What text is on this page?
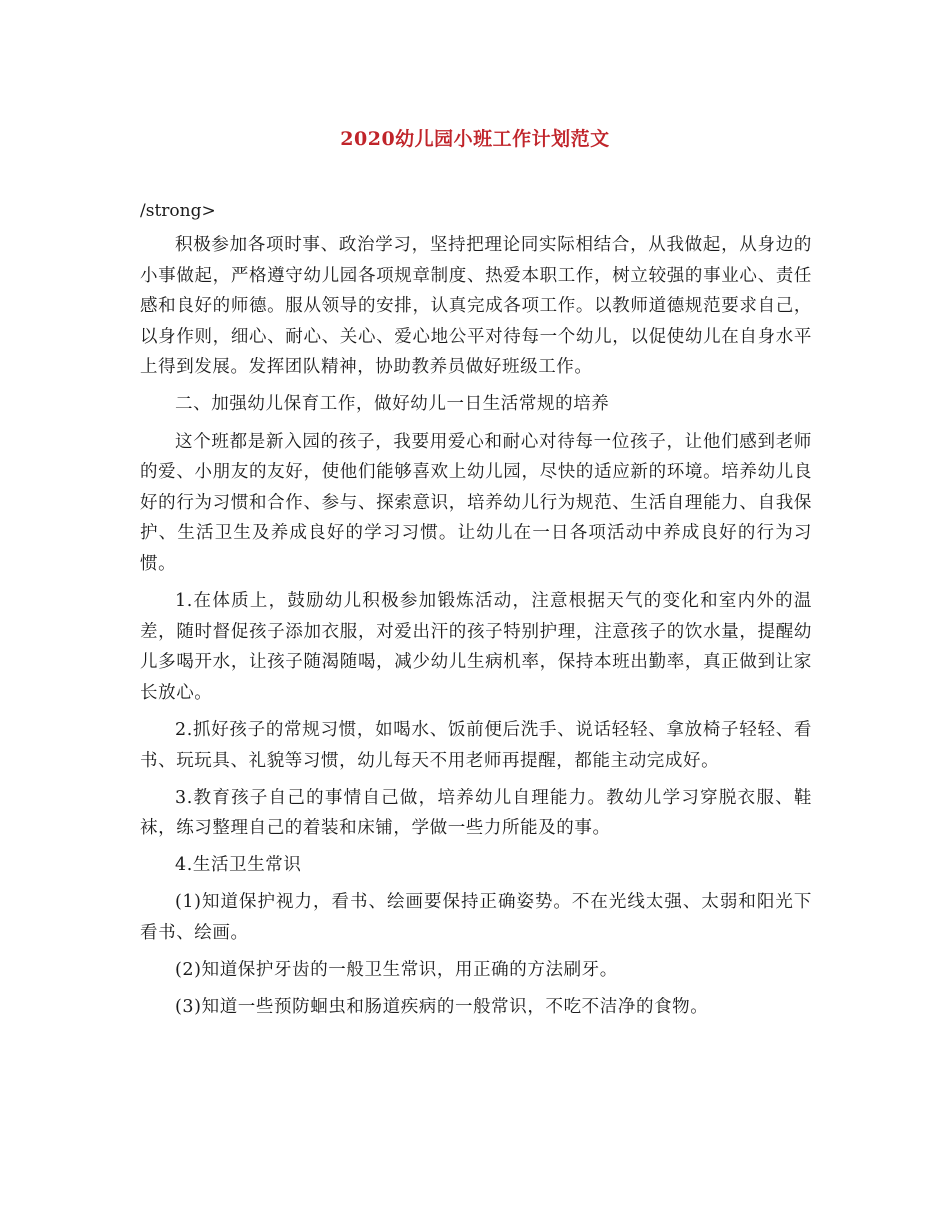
2020幼儿园小班工作计划范文

/strong>

积极参加各项时事、政治学习，坚持把理论同实际相结合，从我做起，从身边的小事做起，严格遵守幼儿园各项规章制度、热爱本职工作，树立较强的事业心、责任感和良好的师德。服从领导的安排，认真完成各项工作。以教师道德规范要求自己，以身作则，细心、耐心、关心、爱心地公平对待每一个幼儿，以促使幼儿在自身水平上得到发展。发挥团队精神，协助教养员做好班级工作。

二、加强幼儿保育工作，做好幼儿一日生活常规的培养

这个班都是新入园的孩子，我要用爱心和耐心对待每一位孩子，让他们感到老师的爱、小朋友的友好，使他们能够喜欢上幼儿园，尽快的适应新的环境。培养幼儿良好的行为习惯和合作、参与、探索意识，培养幼儿行为规范、生活自理能力、自我保护、生活卫生及养成良好的学习习惯。让幼儿在一日各项活动中养成良好的行为习惯。

1.在体质上，鼓励幼儿积极参加锻炼活动，注意根据天气的变化和室内外的温差，随时督促孩子添加衣服，对爱出汗的孩子特别护理，注意孩子的饮水量，提醒幼儿多喝开水，让孩子随渴随喝，减少幼儿生病机率，保持本班出勤率，真正做到让家长放心。

2.抓好孩子的常规习惯，如喝水、饭前便后洗手、说话轻轻、拿放椅子轻轻、看书、玩玩具、礼貌等习惯，幼儿每天不用老师再提醒，都能主动完成好。

3.教育孩子自己的事情自己做，培养幼儿自理能力。教幼儿学习穿脱衣服、鞋袜，练习整理自己的着装和床铺，学做一些力所能及的事。

4.生活卫生常识

(1)知道保护视力，看书、绘画要保持正确姿势。不在光线太强、太弱和阳光下看书、绘画。

(2)知道保护牙齿的一般卫生常识，用正确的方法刷牙。

(3)知道一些预防蛔虫和肠道疾病的一般常识，不吃不洁净的食物。
